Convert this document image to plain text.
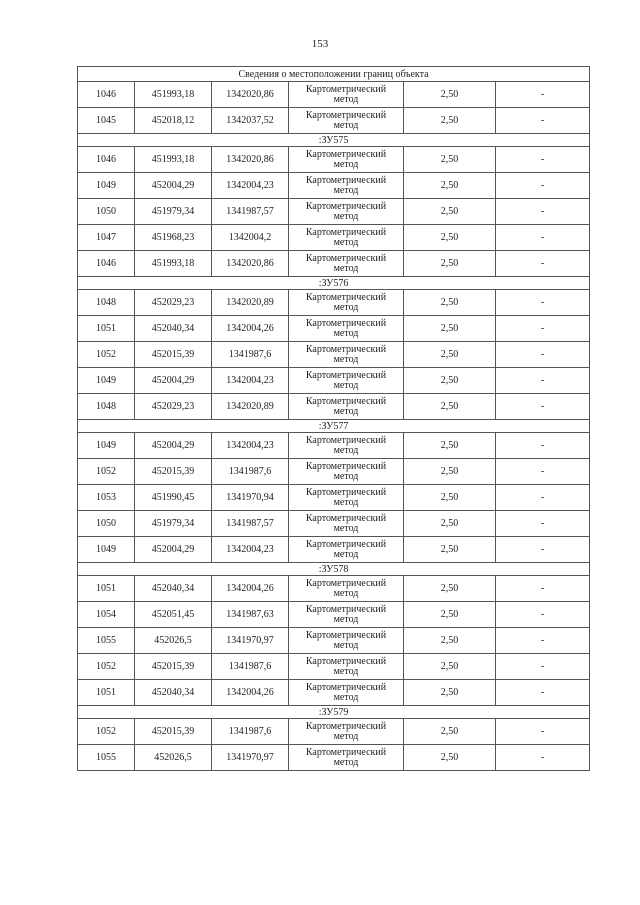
153
Сведения о местоположении границ объекта					
1046	451993,18	1342020,86	Картометрический
метод	2,50	-
1045	452018,12	1342037,52	Картометрический
метод	2,50	-
:ЗУ575					
1046	451993,18	1342020,86	Картометрический
метод	2,50	-
1049	452004,29	1342004,23	Картометрический
метод	2,50	-
1050	451979,34	1341987,57	Картометрический
метод	2,50	-
1047	451968,23	1342004,2	Картометрический
метод	2,50	-
1046	451993,18	1342020,86	Картометрический
метод	2,50	-
:ЗУ576					
1048	452029,23	1342020,89	Картометрический
метод	2,50	-
1051	452040,34	1342004,26	Картометрический
метод	2,50	-
1052	452015,39	1341987,6	Картометрический
метод	2,50	-
1049	452004,29	1342004,23	Картометрический
метод	2,50	-
1048	452029,23	1342020,89	Картометрический
метод	2,50	-
:ЗУ577					
1049	452004,29	1342004,23	Картометрический
метод	2,50	-
1052	452015,39	1341987,6	Картометрический
метод	2,50	-
1053	451990,45	1341970,94	Картометрический
метод	2,50	-
1050	451979,34	1341987,57	Картометрический
метод	2,50	-
1049	452004,29	1342004,23	Картометрический
метод	2,50	-
:ЗУ578					
1051	452040,34	1342004,26	Картометрический
метод	2,50	-
1054	452051,45	1341987,63	Картометрический
метод	2,50	-
1055	452026,5	1341970,97	Картометрический
метод	2,50	-
1052	452015,39	1341987,6	Картометрический
метод	2,50	-
1051	452040,34	1342004,26	Картометрический
метод	2,50	-
:ЗУ579					
1052	452015,39	1341987,6	Картометрический
метод	2,50	-
1055	452026,5	1341970,97	Картометрический
метод	2,50	-
